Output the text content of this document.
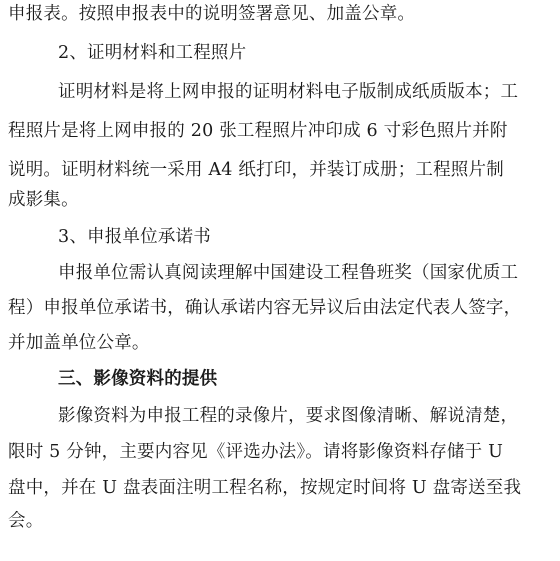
申报表。按照申报表中的说明签署意见、加盖公章。
2、证明材料和工程照片
证明材料是将上网申报的证明材料电子版制成纸质版本；工
程照片是将上网申报的 20 张工程照片冲印成 6 寸彩色照片并附
说明。证明材料统一采用 A4 纸打印，并装订成册；工程照片制
成影集。
3、申报单位承诺书
申报单位需认真阅读理解中国建设工程鲁班奖（国家优质工
程）申报单位承诺书，确认承诺内容无异议后由法定代表人签字，
并加盖单位公章。
三、影像资料的提供
影像资料为申报工程的录像片，要求图像清晰、解说清楚，
限时 5 分钟，主要内容见《评选办法》。请将影像资料存储于 U
盘中，并在 U 盘表面注明工程名称，按规定时间将 U 盘寄送至我
会。
